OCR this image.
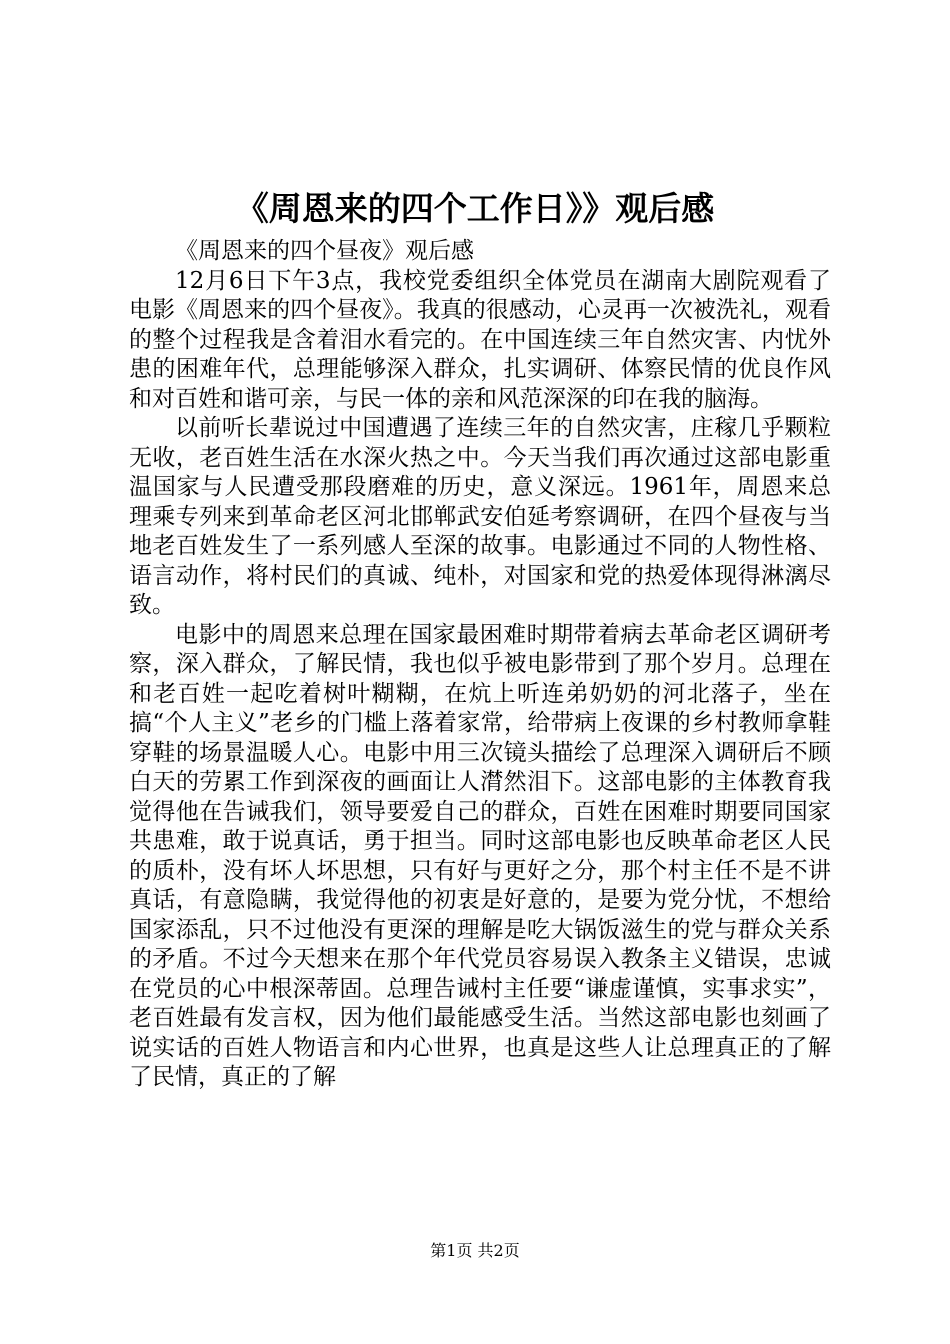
《周恩来的四个工作日》》观后感

《周恩来的四个昼夜》观后感

12月6日下午3点，我校党委组织全体党员在湖南大剧院观看了电影《周恩来的四个昼夜》。我真的很感动，心灵再一次被洗礼，观看的整个过程我是含着泪水看完的。在中国连续三年自然灾害、内忧外患的困难年代，总理能够深入群众，扎实调研、体察民情的优良作风和对百姓和谐可亲，与民一体的亲和风范深深的印在我的脑海。

以前听长辈说过中国遭遇了连续三年的自然灾害，庄稼几乎颗粒无收，老百姓生活在水深火热之中。今天当我们再次通过这部电影重温国家与人民遭受那段磨难的历史，意义深远。1961年，周恩来总理乘专列来到革命老区河北邯郸武安伯延考察调研，在四个昼夜与当地老百姓发生了一系列感人至深的故事。电影通过不同的人物性格、语言动作，将村民们的真诚、纯朴，对国家和党的热爱体现得淋漓尽致。

电影中的周恩来总理在国家最困难时期带着病去革命老区调研考察，深入群众，了解民情，我也似乎被电影带到了那个岁月。总理在和老百姓一起吃着树叶糊糊，在炕上听连弟奶奶的河北落子，坐在搞“个人主义”老乡的门槛上落着家常，给带病上夜课的乡村教师拿鞋穿鞋的场景温暖人心。电影中用三次镜头描绘了总理深入调研后不顾白天的劳累工作到深夜的画面让人潸然泪下。这部电影的主体教育我觉得他在告诫我们，领导要爱自己的群众，百姓在困难时期要同国家共患难，敢于说真话，勇于担当。同时这部电影也反映革命老区人民的质朴，没有坏人坏思想，只有好与更好之分，那个村主任不是不讲真话，有意隐瞒，我觉得他的初衷是好意的，是要为党分忧，不想给国家添乱，只不过他没有更深的理解是吃大锅饭滋生的党与群众关系的矛盾。不过今天想来在那个年代党员容易误入教条主义错误，忠诚在党员的心中根深蒂固。总理告诫村主任要“谦虚谨慎，实事求实”，老百姓最有发言权，因为他们最能感受生活。当然这部电影也刻画了说实话的百姓人物语言和内心世界，也真是这些人让总理真正的了解了民情，真正的了解

第1页 共2页
